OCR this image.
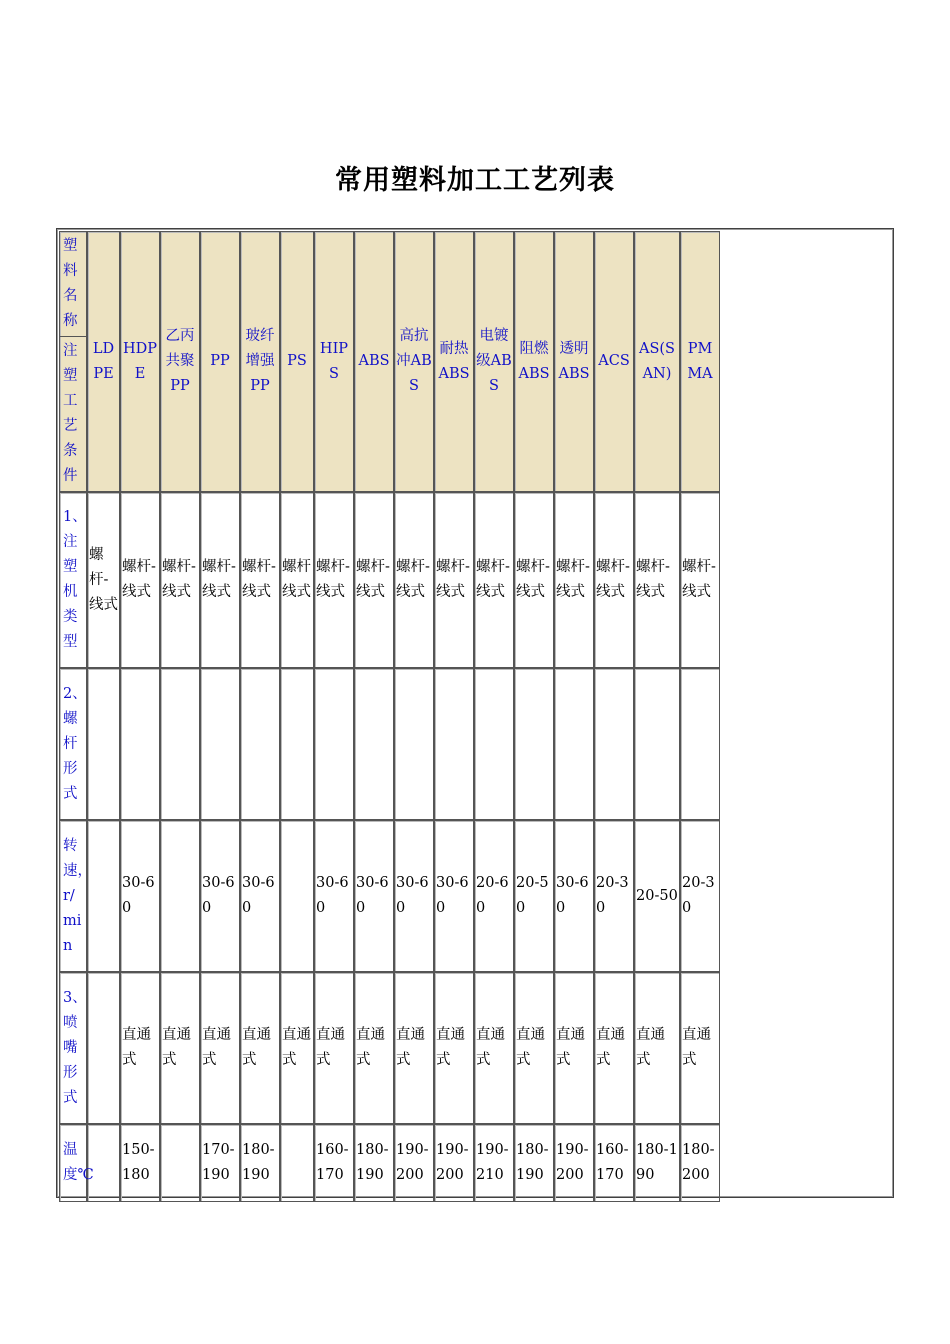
常用塑料加工工艺列表
塑料名称
注塑工艺条件	LDPE	HDPE	乙丙共聚PP	PP	玻纤增强PP	PS	HIPS	ABS	高抗冲ABS	耐热ABS	电镀级ABS	阻燃ABS	透明ABS	ACS	AS(SAN)	PMMA
1、注塑机类型	螺杆-线式	螺杆-线式	螺杆-线式	螺杆-线式	螺杆-线式	螺杆线式	螺杆-线式	螺杆-线式	螺杆-线式	螺杆-线式	螺杆-线式	螺杆-线式	螺杆-线式	螺杆-线式	螺杆-线式	螺杆-线式
2、螺杆形式																
转速，r/min		30-60		30-60	30-60		30-60	30-60	30-60	30-60	20-60	20-50	30-60	20-30	20-50	20-30
3、喷嘴形式		直通式	直通式	直通式	直通式	直通式	直通式	直通式	直通式	直通式	直通式	直通式	直通式	直通式	直通式	直通式
温度℃		150-180		170-190	180-190		160-170	180-190	190-200	190-200	190-210	180-190	190-200	160-170	180-190	180-200
